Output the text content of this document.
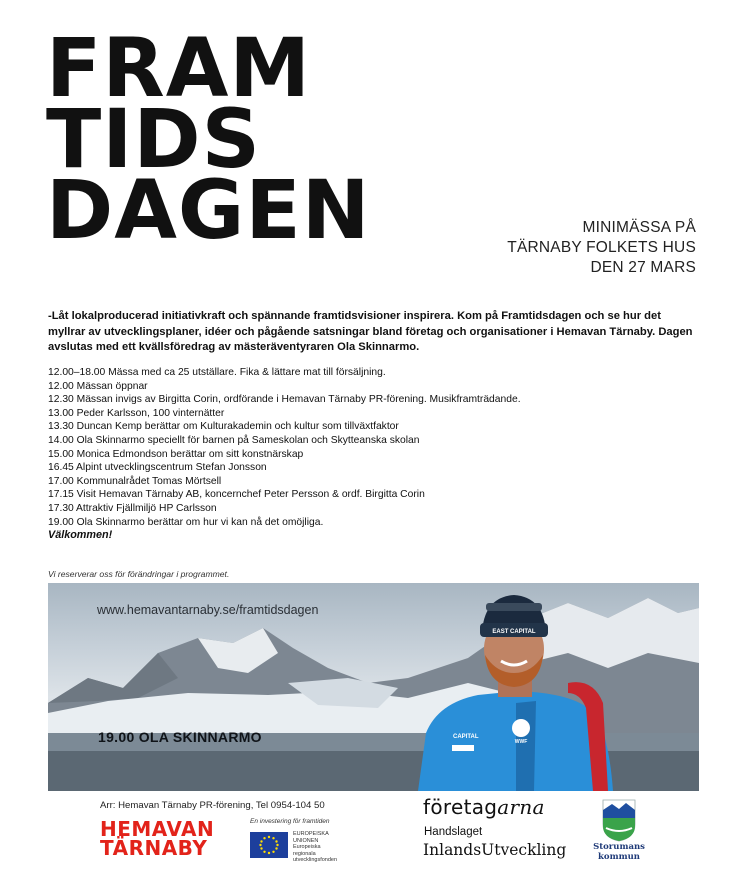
FRAM
TIDS
DAGEN	MINIMÄSSA PÅ
TÄRNABY FOLKETS HUS
DEN 27 MARS

-Låt lokalproducerad initiativkraft och spännande framtidsvisioner inspirera. Kom på Framtidsdagen och se hur det myllrar av utvecklingsplaner, idéer och pågående satsningar bland företag och organisationer i Hemavan Tärnaby. Dagen avslutas med ett kvällsföredrag av mästeräventyraren Ola Skinnarmo.

12.00–18.00 Mässa med ca 25 utställare. Fika & lättare mat till försäljning.
12.00 Mässan öppnar
12.30 Mässan invigs av Birgitta Corin, ordförande i Hemavan Tärnaby PR-förening. Musikframträdande.
13.00 Peder Karlsson, 100 vinternätter
13.30 Duncan Kemp berättar om Kulturakademin och kultur som tillväxtfaktor
14.00 Ola Skinnarmo speciellt för barnen på Sameskolan och Skytteanska skolan
15.00 Monica Edmondson berättar om sitt konstnärskap
16.45 Alpint utvecklingscentrum Stefan Jonsson
17.00 Kommunalrådet Tomas Mörtsell
17.15 Visit Hemavan Tärnaby AB, koncernchef Peter Persson & ordf. Birgitta Corin
17.30 Attraktiv Fjällmiljö HP Carlsson
19.00 Ola Skinnarmo berättar om hur vi kan nå det omöjliga.
Välkommen!
Vi reserverar oss för förändringar i programmet.
EAST CAPITAL
CAPITAL
WWF
www.hemavantarnaby.se/framtidsdagen
19.00 OLA SKINNARMO
Arr: Hemavan Tärnaby PR-förening, Tel 0954-104 50
HEMAVAN
TÄRNABY
En investering för framtiden
EUROPEISKA
UNIONEN
Europeiska
regionala
utvecklingsfonden
företagarna
Handslaget
InlandsUtveckling	Storumans
kommun
